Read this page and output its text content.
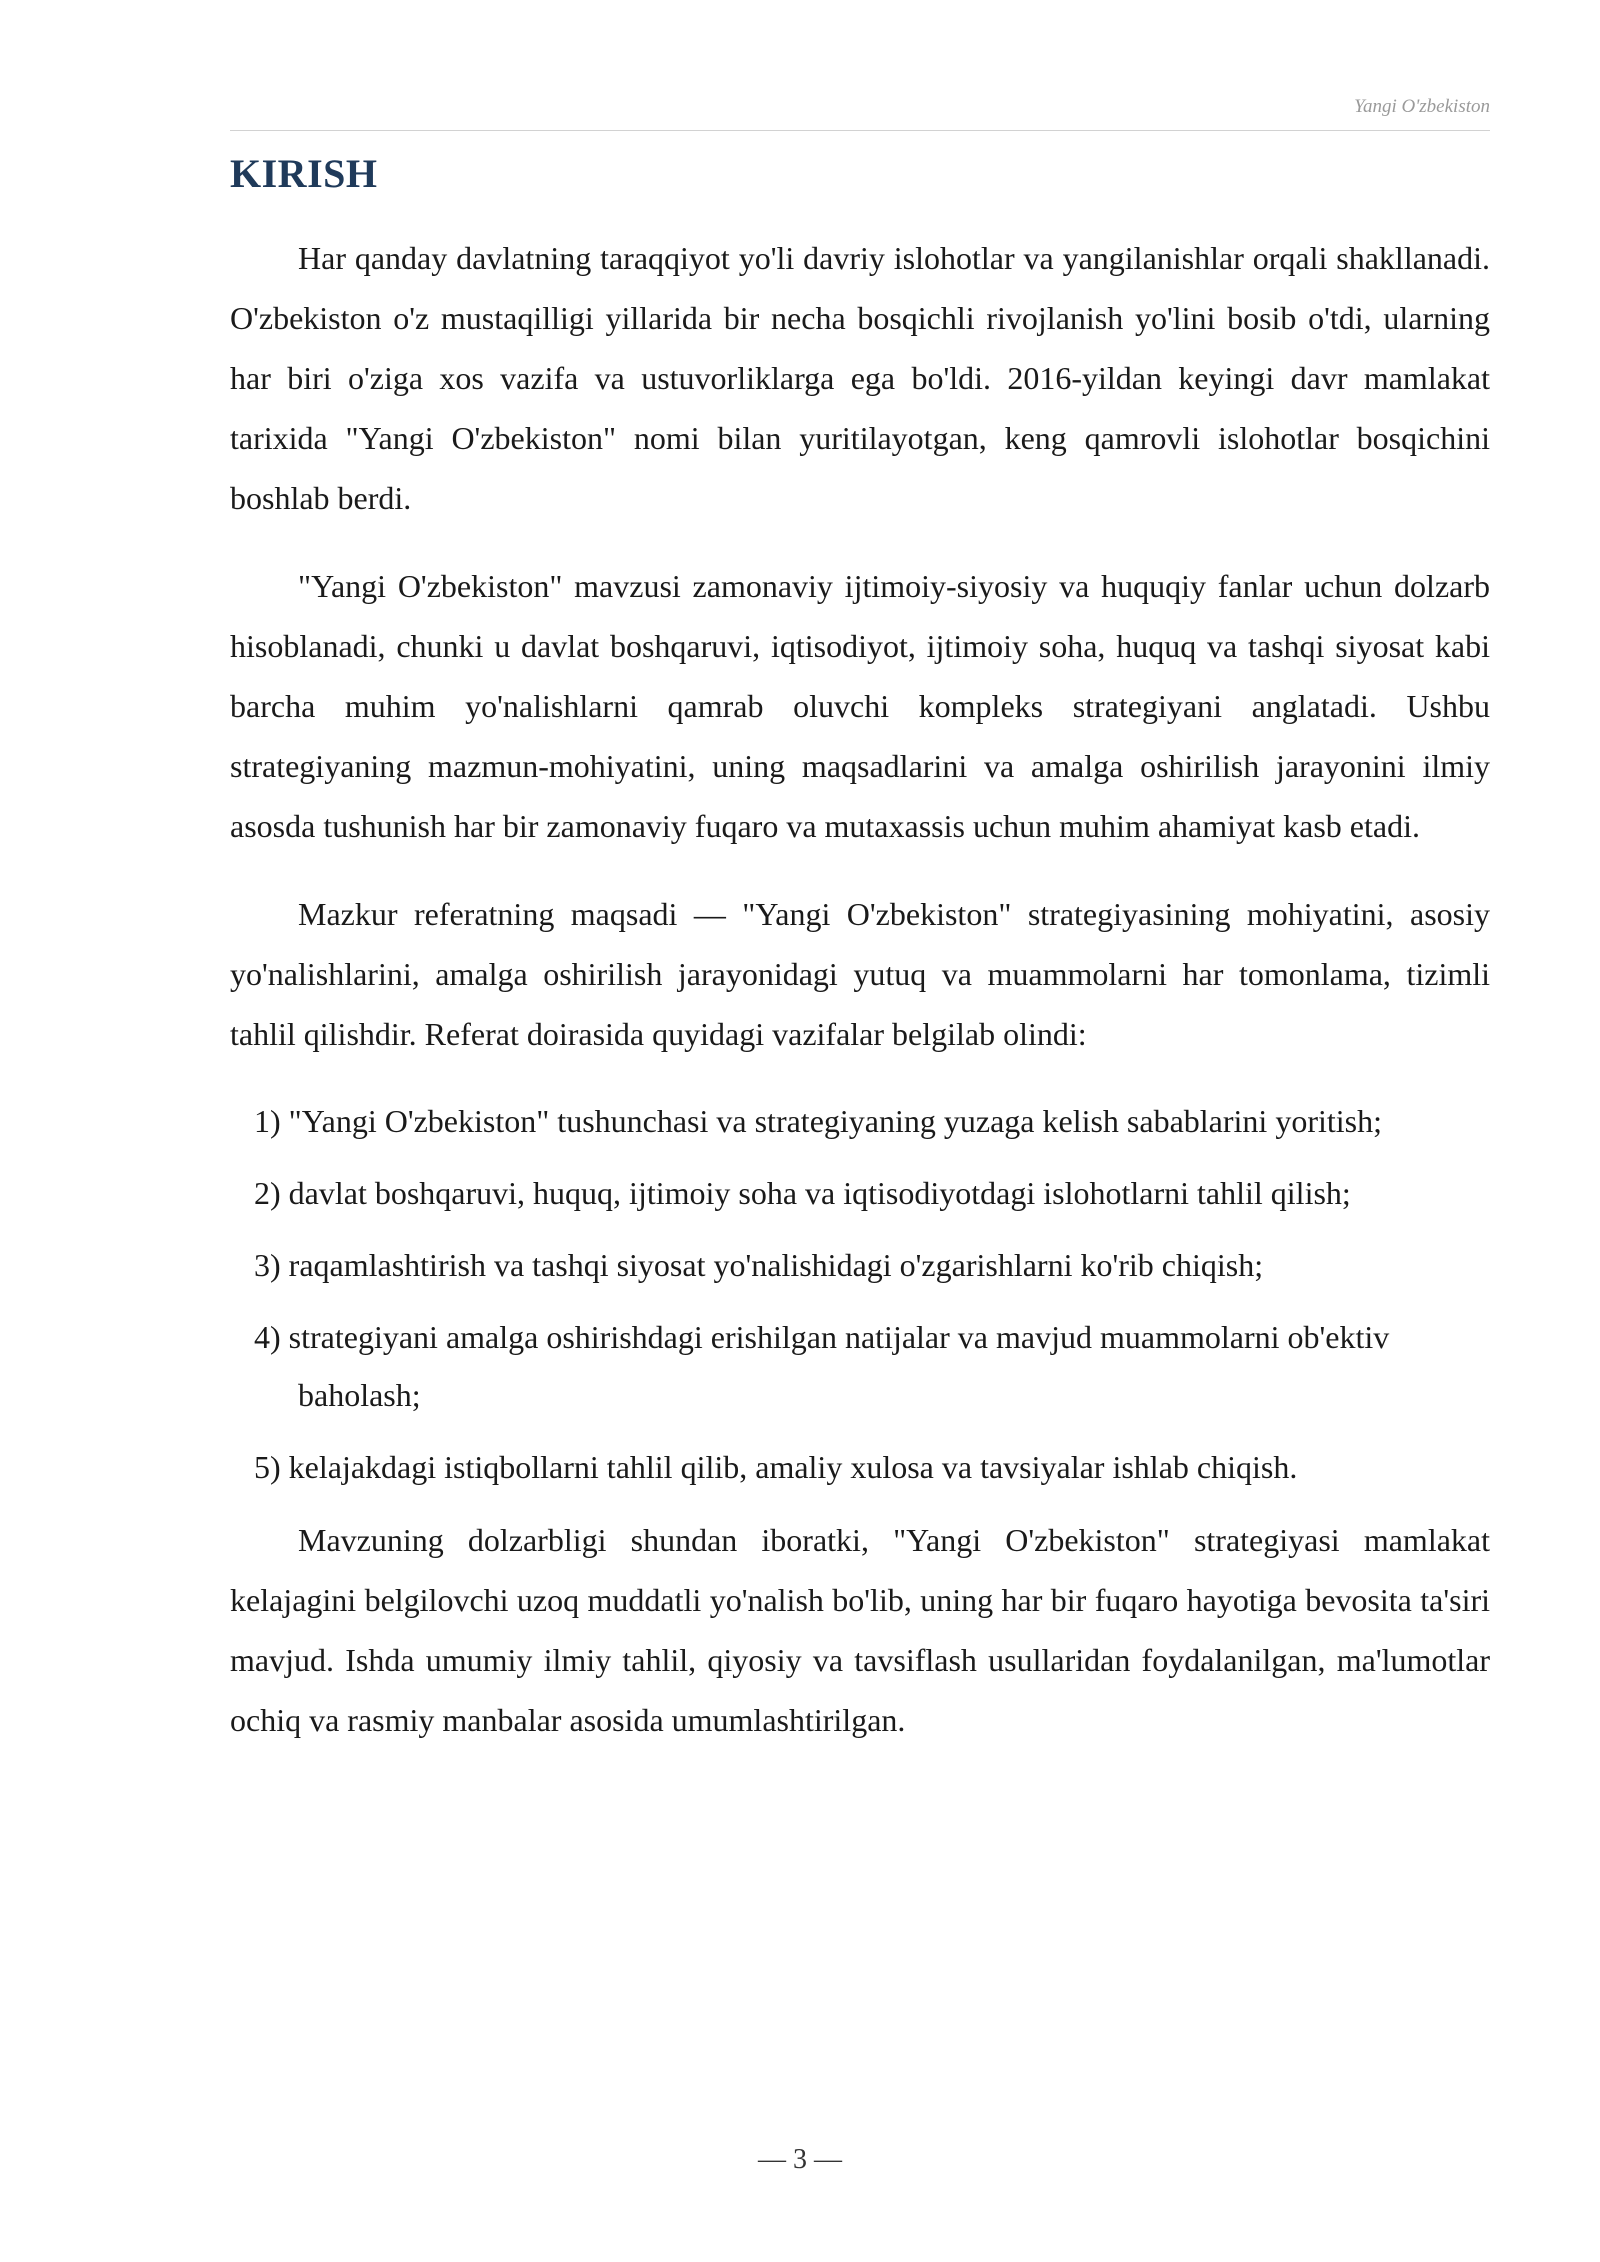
Yangi O'zbekiston
KIRISH

Har qanday davlatning taraqqiyot yo'li davriy islohotlar va yangilanishlar orqali shakllanadi. O'zbekiston o'z mustaqilligi yillarida bir necha bosqichli rivojlanish yo'lini bosib o'tdi, ularning har biri o'ziga xos vazifa va ustuvorliklarga ega bo'ldi. 2016-yildan keyingi davr mamlakat tarixida "Yangi O'zbekiston" nomi bilan yuritilayotgan, keng qamrovli islohotlar bosqichini boshlab berdi.

"Yangi O'zbekiston" mavzusi zamonaviy ijtimoiy-siyosiy va huquqiy fanlar uchun dolzarb hisoblanadi, chunki u davlat boshqaruvi, iqtisodiyot, ijtimoiy soha, huquq va tashqi siyosat kabi barcha muhim yo'nalishlarni qamrab oluvchi kompleks strategiyani anglatadi. Ushbu strategiyaning mazmun-mohiyatini, uning maqsadlarini va amalga oshirilish jarayonini ilmiy asosda tushunish har bir zamonaviy fuqaro va mutaxassis uchun muhim ahamiyat kasb etadi.

Mazkur referatning maqsadi — "Yangi O'zbekiston" strategiyasining mohiyatini, asosiy yo'nalishlarini, amalga oshirilish jarayonidagi yutuq va muammolarni har tomonlama, tizimli tahlil qilishdir. Referat doirasida quyidagi vazifalar belgilab olindi:

1) "Yangi O'zbekiston" tushunchasi va strategiyaning yuzaga kelish sabablarini yoritish;
2) davlat boshqaruvi, huquq, ijtimoiy soha va iqtisodiyotdagi islohotlarni tahlil qilish;
3) raqamlashtirish va tashqi siyosat yo'nalishidagi o'zgarishlarni ko'rib chiqish;
4) strategiyani amalga oshirishdagi erishilgan natijalar va mavjud muammolarni ob'ektiv baholash;
5) kelajakdagi istiqbollarni tahlil qilib, amaliy xulosa va tavsiyalar ishlab chiqish.

Mavzuning dolzarbligi shundan iboratki, "Yangi O'zbekiston" strategiyasi mamlakat kelajagini belgilovchi uzoq muddatli yo'nalish bo'lib, uning har bir fuqaro hayotiga bevosita ta'siri mavjud. Ishda umumiy ilmiy tahlil, qiyosiy va tavsiflash usullaridan foydalanilgan, ma'lumotlar ochiq va rasmiy manbalar asosida umumlashtirilgan.

— 3 —
